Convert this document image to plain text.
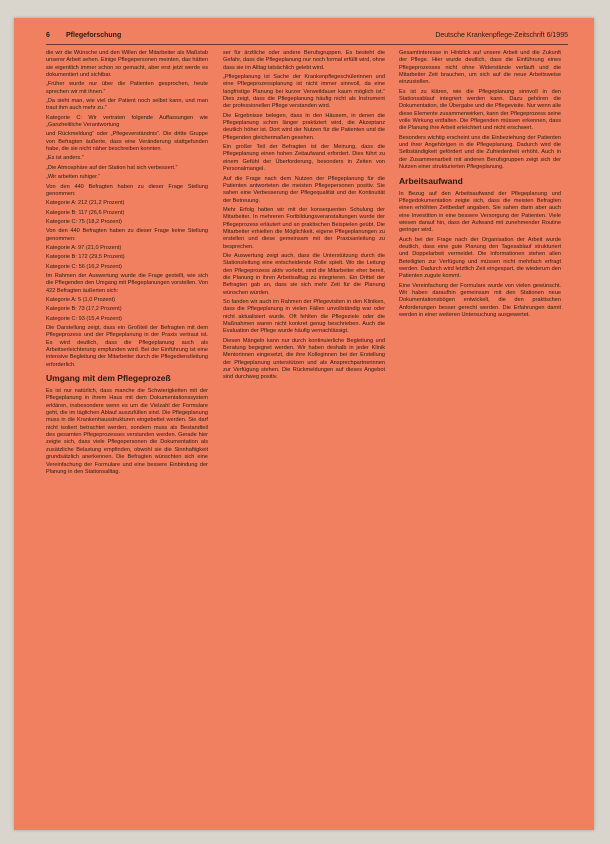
6 Pflegeforschung	Deutsche Krankenpflege-Zeitschrift 6/1995

die wir die Wünsche und den Willen der Mitarbeiter als Maßstab unserer Arbeit sehen. Einige Pflegepersonen meinten, das hätten sie eigentlich immer schon so gemacht, aber erst jetzt werde es dokumentiert und sichtbar.

„Früher wurde nur über die Patienten gesprochen, heute sprechen wir mit ihnen.“

„Da sieht man, wie viel der Patient noch selbst kann, und man traut ihm auch mehr zu.“

Kategorie C: Wir vertraten folgende Auffassungen wie „Ganzheitliche Verantwortung

und Rückmeldung“ oder „Pflegeverständnis“. Die dritte Gruppe von Befragten äußerte, dass eine Veränderung stattgefunden habe, die sie nicht näher beschreiben konnten.

„Es ist anders.“

„Die Atmosphäre auf der Station hat sich verbessert.“

„Wir arbeiten ruhiger.“

Von den 440 Befragten haben zu dieser Frage Stellung genommen:

Kategorie A: 212 (21,2 Prozent)

Kategorie B: 117 (26,6 Prozent)

Kategorie C: 75 (18,2 Prozent)

Von den 440 Befragten haben zu dieser Frage keine Stellung genommen:

Kategorie A: 97 (21,0 Prozent)

Kategorie B: 172 (29,5 Prozent)

Kategorie C: 56 (16,2 Prozent)

Im Rahmen der Auswertung wurde die Frage gestellt, wie sich die Pflegenden den Umgang mit Pflegeplanungen vorstellen. Von 422 Befragten äußerten sich:

Kategorie A: 5 (1,0 Prozent)

Kategorie B: 73 (17,2 Prozent)

Kategorie C: 93 (15,4 Prozent)

Die Darstellung zeigt, dass ein Großteil der Befragten mit dem Pflegeprozess und der Pflegeplanung in der Praxis vertraut ist. Es wird deutlich, dass die Pflegeplanung auch als Arbeitserleichterung empfunden wird. Bei der Einführung ist eine intensive Begleitung der Mitarbeiter durch die Pflegedienstleitung erforderlich.

Umgang mit dem Pflegeprozeß

Es ist nur natürlich, dass manche die Schwierigkeiten mit der Pflegeplanung in ihrem Haus mit dem Dokumentationssystem erklären, insbesondere wenn es um die Vielzahl der Formulare geht, die im täglichen Ablauf auszufüllen sind. Die Pflegeplanung muss in die Krankenhausstrukturen eingebettet werden. Sie darf nicht isoliert betrachtet werden, sondern muss als Bestandteil des gesamten Pflegeprozesses verstanden werden. Gerade hier zeigte sich, dass viele Pflegepersonen die Dokumentation als zusätzliche Belastung empfinden, obwohl sie die Sinnhaftigkeit grundsätzlich anerkennen. Die Befragten wünschten sich eine Vereinfachung der Formulare und eine bessere Einbindung der Planung in den Stationsalltag.

ser für ärztliche oder andere Berufsgruppen. Es besteht die Gefahr, dass die Pflegeplanung nur noch formal erfüllt wird, ohne dass sie im Alltag tatsächlich gelebt wird.

„Pflegeplanung ist Sache der Krankenpflegeschülerinnen und eine Pflegeprozessplanung ist nicht immer sinnvoll, da eine langfristige Planung bei kurzer Verweildauer kaum möglich ist.“ Dies zeigt, dass die Pflegeplanung häufig nicht als Instrument der professionellen Pflege verstanden wird.

Die Ergebnisse belegen, dass in den Häusern, in denen die Pflegeplanung schon länger praktiziert wird, die Akzeptanz deutlich höher ist. Dort wird der Nutzen für die Patienten und die Pflegenden gleichermaßen gesehen.

Ein großer Teil der Befragten ist der Meinung, dass die Pflegeplanung einen hohen Zeitaufwand erfordert. Dies führt zu einem Gefühl der Überforderung, besonders in Zeiten von Personalmangel.

Auf die Frage nach dem Nutzen der Pflegeplanung für die Patienten antworteten die meisten Pflegepersonen positiv. Sie sahen eine Verbesserung der Pflegequalität und der Kontinuität der Betreuung.

Mehr Erfolg hatten wir mit der konsequenten Schulung der Mitarbeiter. In mehreren Fortbildungsveranstaltungen wurde der Pflegeprozess erläutert und an praktischen Beispielen geübt. Die Mitarbeiter erhielten die Möglichkeit, eigene Pflegeplanungen zu erstellen und diese gemeinsam mit der Praxisanleitung zu besprechen.

Die Auswertung zeigt auch, dass die Unterstützung durch die Stationsleitung eine entscheidende Rolle spielt. Wo die Leitung den Pflegeprozess aktiv vorlebt, sind die Mitarbeiter eher bereit, die Planung in ihren Arbeitsalltag zu integrieren. Ein Drittel der Befragten gab an, dass sie sich mehr Zeit für die Planung wünschen würden.

So fanden wir auch im Rahmen der Pflegevisiten in den Kliniken, dass die Pflegeplanung in vielen Fällen unvollständig war oder nicht aktualisiert wurde. Oft fehlten die Pflegeziele oder die Maßnahmen waren nicht konkret genug beschrieben. Auch die Evaluation der Pflege wurde häufig vernachlässigt.

Diesen Mängeln kann nur durch kontinuierliche Begleitung und Beratung begegnet werden. Wir haben deshalb in jeder Klinik Mentorinnen eingesetzt, die ihre Kolleginnen bei der Erstellung der Pflegeplanung unterstützen und als Ansprechpartnerinnen zur Verfügung stehen. Die Rückmeldungen auf dieses Angebot sind durchweg positiv.

Gesamtinteresse in Hinblick auf unsere Arbeit und die Zukunft der Pflege. Hier wurde deutlich, dass die Einführung eines Pflegeprozesses nicht ohne Widerstände verläuft und die Mitarbeiter Zeit brauchen, um sich auf die neue Arbeitsweise einzustellen.

Es ist zu klären, wie die Pflegeplanung sinnvoll in den Stationsablauf integriert werden kann. Dazu gehören die Dokumentation, die Übergabe und die Pflegevisite. Nur wenn alle diese Elemente zusammenwirken, kann der Pflegeprozess seine volle Wirkung entfalten. Die Pflegenden müssen erkennen, dass die Planung ihre Arbeit erleichtert und nicht erschwert.

Besonders wichtig erscheint uns die Einbeziehung der Patienten und ihrer Angehörigen in die Pflegeplanung. Dadurch wird die Selbständigkeit gefördert und die Zufriedenheit erhöht. Auch in der Zusammenarbeit mit anderen Berufsgruppen zeigt sich der Nutzen einer strukturierten Pflegeplanung.

Arbeitsaufwand

In Bezug auf den Arbeitsaufwand der Pflegeplanung und Pflegedokumentation zeigte sich, dass die meisten Befragten einen erhöhten Zeitbedarf angaben. Sie sahen darin aber auch eine Investition in eine bessere Versorgung der Patienten. Viele wiesen darauf hin, dass der Aufwand mit zunehmender Routine geringer wird.

Auch bei der Frage nach der Organisation der Arbeit wurde deutlich, dass eine gute Planung den Tagesablauf strukturiert und Doppelarbeit vermeidet. Die Informationen stehen allen Beteiligten zur Verfügung und müssen nicht mehrfach erfragt werden. Dadurch wird letztlich Zeit eingespart, die wiederum den Patienten zugute kommt.

Eine Vereinfachung der Formulare wurde von vielen gewünscht. Wir haben daraufhin gemeinsam mit den Stationen neue Dokumentationsbögen entwickelt, die den praktischen Anforderungen besser gerecht werden. Die Erfahrungen damit werden in einer weiteren Untersuchung ausgewertet.
